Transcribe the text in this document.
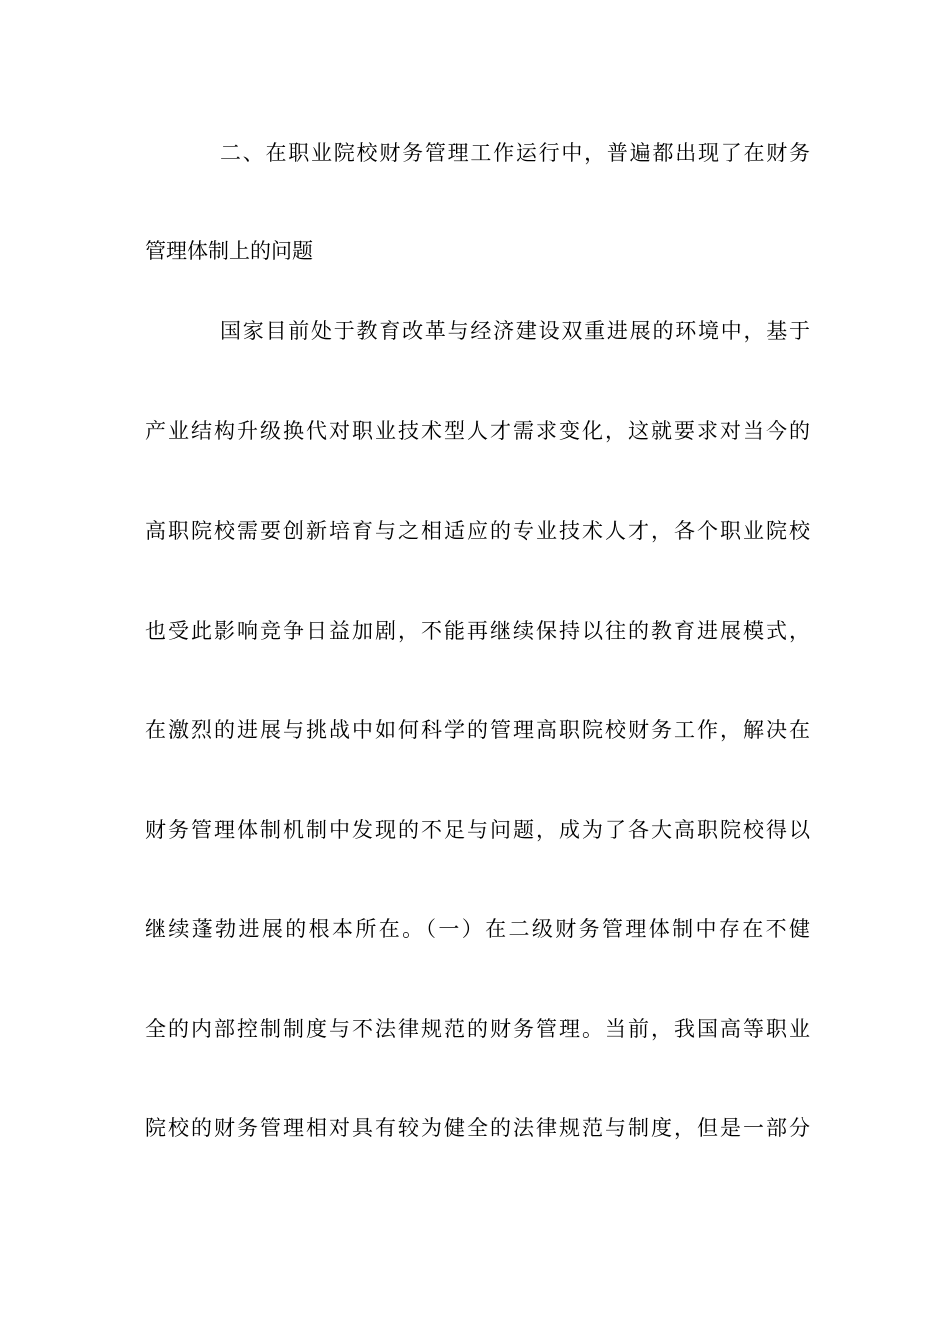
二、在职业院校财务管理工作运行中，普遍都出现了在财务
管理体制上的问题
国家目前处于教育改革与经济建设双重进展的环境中，基于
产业结构升级换代对职业技术型人才需求变化，这就要求对当今的
高职院校需要创新培育与之相适应的专业技术人才，各个职业院校
也受此影响竞争日益加剧，不能再继续保持以往的教育进展模式，
在激烈的进展与挑战中如何科学的管理高职院校财务工作，解决在
财务管理体制机制中发现的不足与问题，成为了各大高职院校得以
继续蓬勃进展的根本所在。（一）在二级财务管理体制中存在不健
全的内部控制制度与不法律规范的财务管理。当前，我国高等职业
院校的财务管理相对具有较为健全的法律规范与制度，但是一部分
